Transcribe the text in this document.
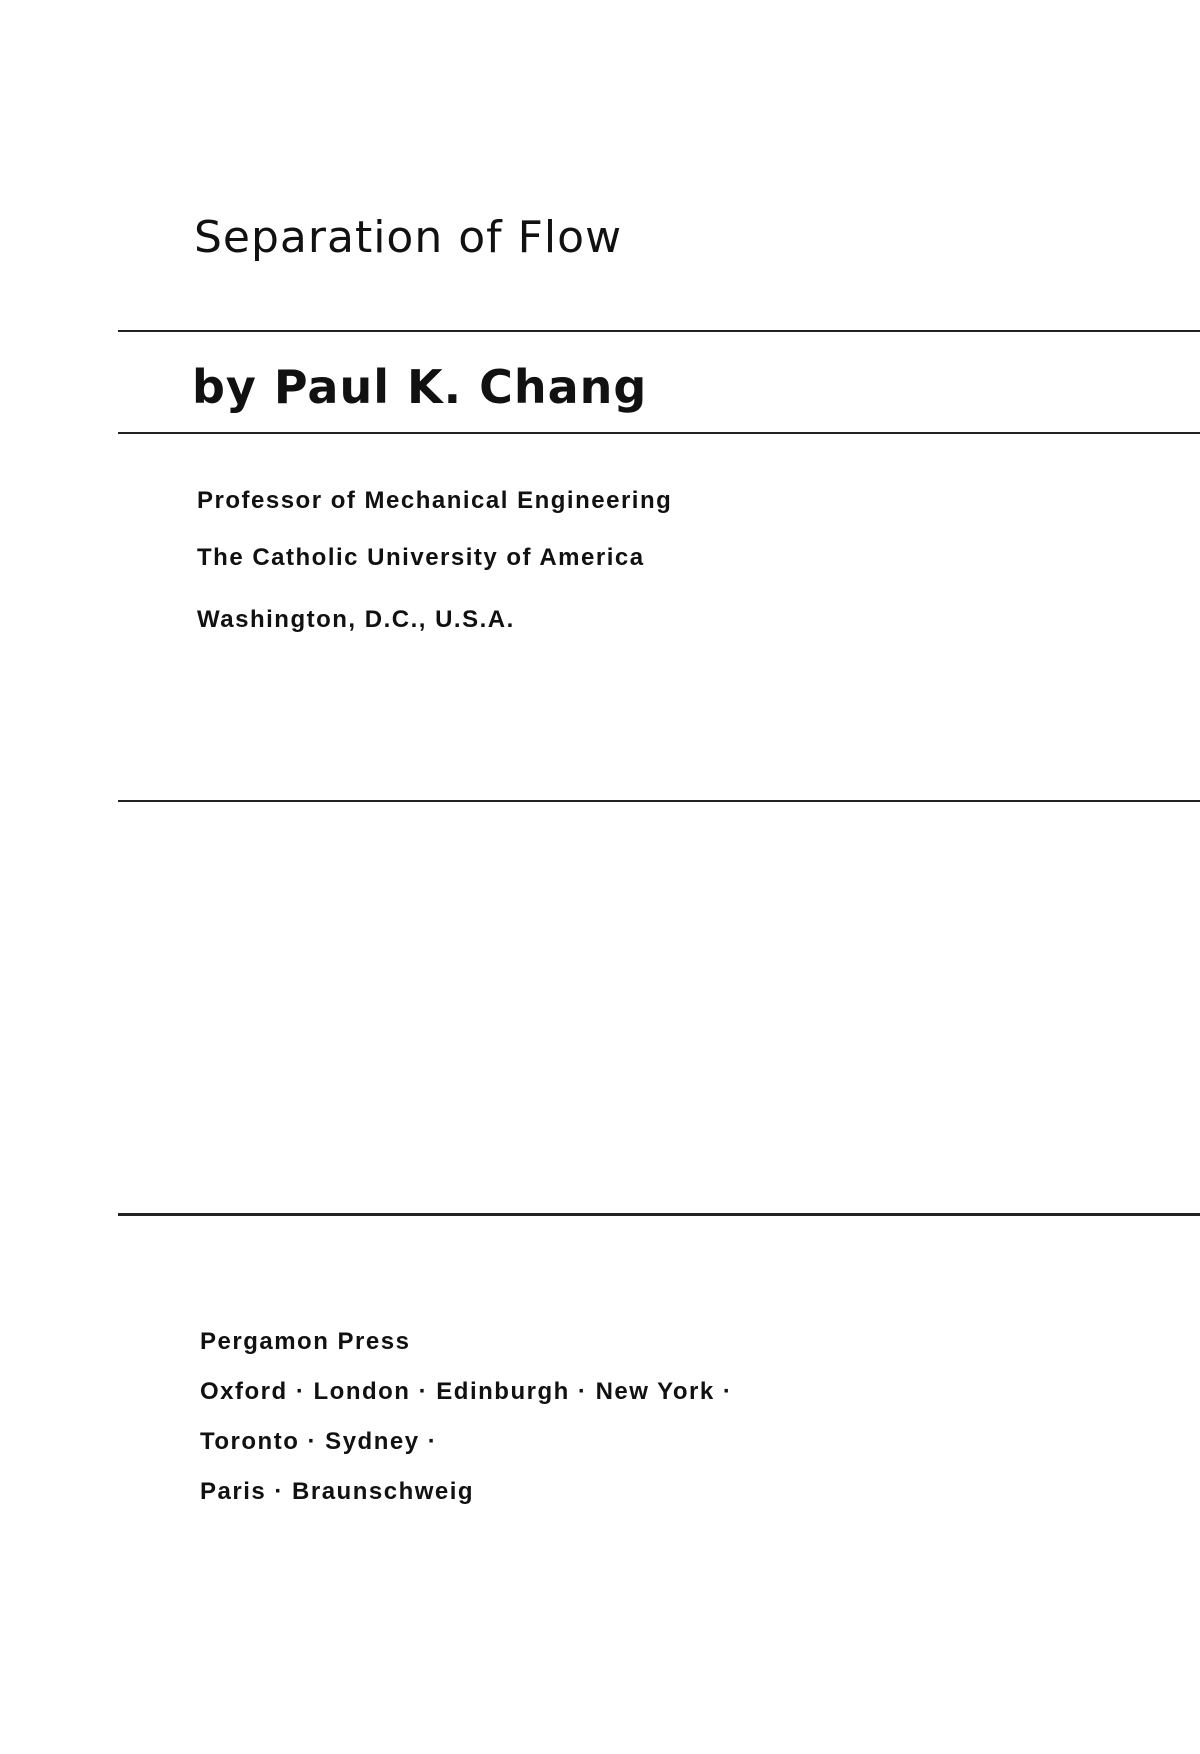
Separation of Flow
by Paul K. Chang
Professor of Mechanical Engineering
The Catholic University of America
Washington, D.C., U.S.A.
Pergamon Press
Oxford · London · Edinburgh · New York ·
Toronto · Sydney ·
Paris · Braunschweig
